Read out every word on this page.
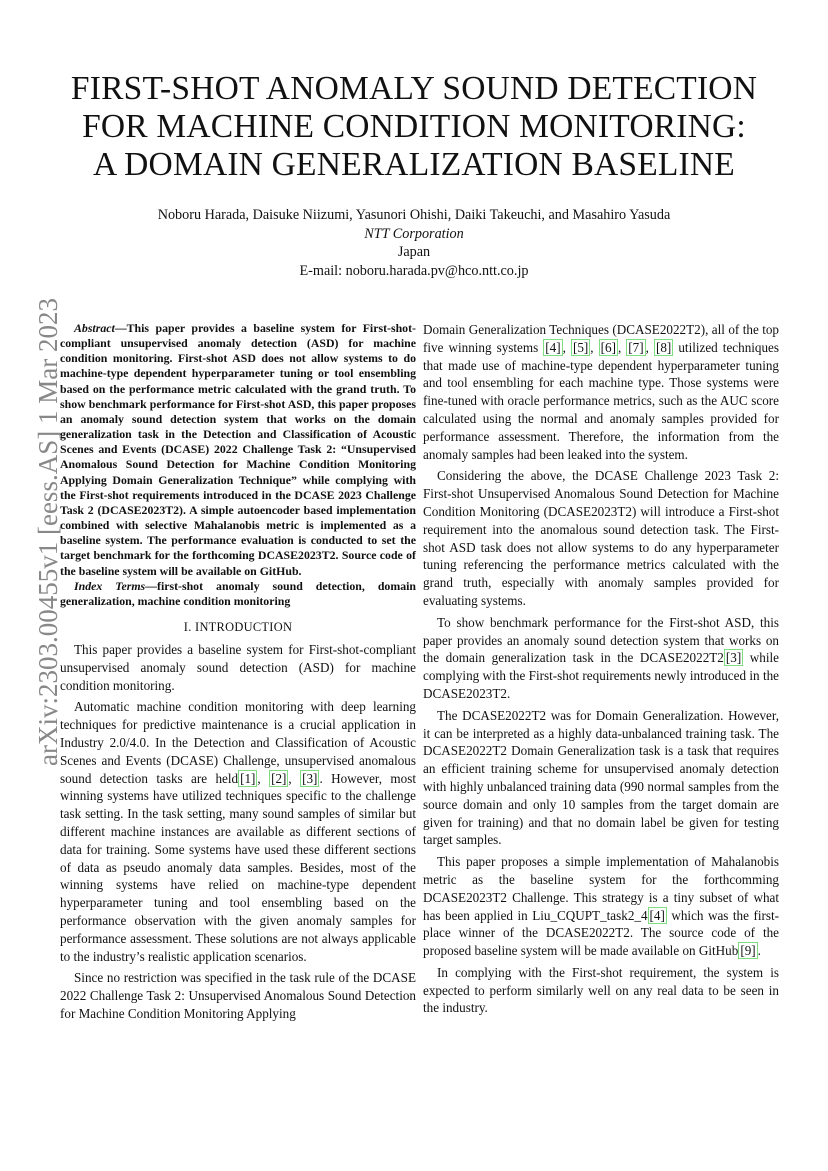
arXiv:2303.00455v1 [eess.AS] 1 Mar 2023
FIRST-SHOT ANOMALY SOUND DETECTION
FOR MACHINE CONDITION MONITORING:
A DOMAIN GENERALIZATION BASELINE
Noboru Harada, Daisuke Niizumi, Yasunori Ohishi, Daiki Takeuchi, and Masahiro Yasuda
NTT Corporation
Japan
E-mail: noboru.harada.pv@hco.ntt.co.jp

Abstract—This paper provides a baseline system for First-shot-compliant unsupervised anomaly detection (ASD) for machine condition monitoring. First-shot ASD does not allow systems to do machine-type dependent hyperparameter tuning or tool ensembling based on the performance metric calculated with the grand truth. To show benchmark performance for First-shot ASD, this paper proposes an anomaly sound detection system that works on the domain generalization task in the Detection and Classification of Acoustic Scenes and Events (DCASE) 2022 Challenge Task 2: “Unsupervised Anomalous Sound Detection for Machine Condition Monitoring Applying Domain Generalization Technique” while complying with the First-shot requirements introduced in the DCASE 2023 Challenge Task 2 (DCASE2023T2). A simple autoencoder based implementation combined with selective Mahalanobis metric is implemented as a baseline system. The performance evaluation is conducted to set the target benchmark for the forthcoming DCASE2023T2. Source code of the baseline system will be available on GitHub.

Index Terms—first-shot anomaly sound detection, domain generalization, machine condition monitoring

I. INTRODUCTION

This paper provides a baseline system for First-shot-compliant unsupervised anomaly sound detection (ASD) for machine condition monitoring.

Automatic machine condition monitoring with deep learning techniques for predictive maintenance is a crucial application in Industry 2.0/4.0. In the Detection and Classification of Acoustic Scenes and Events (DCASE) Challenge, unsupervised anomalous sound detection tasks are held [1] , [2] , [3] . However, most winning systems have utilized techniques specific to the challenge task setting. In the task setting, many sound samples of similar but different machine instances are available as different sections of data for training. Some systems have used these different sections of data as pseudo anomaly data samples. Besides, most of the winning systems have relied on machine-type dependent hyperparameter tuning and tool ensembling based on the performance observation with the given anomaly samples for performance assessment. These solutions are not always applicable to the industry’s realistic application scenarios.

Since no restriction was specified in the task rule of the DCASE 2022 Challenge Task 2: Unsupervised Anomalous Sound Detection for Machine Condition Monitoring Applying

Domain Generalization Techniques (DCASE2022T2), all of the top five winning systems [4] , [5] , [6] , [7] , [8] utilized techniques that made use of machine-type dependent hyperparameter tuning and tool ensembling for each machine type. Those systems were fine-tuned with oracle performance metrics, such as the AUC score calculated using the normal and anomaly samples provided for performance assessment. Therefore, the information from the anomaly samples had been leaked into the system.

Considering the above, the DCASE Challenge 2023 Task 2: First-shot Unsupervised Anomalous Sound Detection for Machine Condition Monitoring (DCASE2023T2) will introduce a First-shot requirement into the anomalous sound detection task. The First-shot ASD task does not allow systems to do any hyperparameter tuning referencing the performance metrics calculated with the grand truth, especially with anomaly samples provided for evaluating systems.

To show benchmark performance for the First-shot ASD, this paper provides an anomaly sound detection system that works on the domain generalization task in the DCASE2022T2 [3] while complying with the First-shot requirements newly introduced in the DCASE2023T2.

The DCASE2022T2 was for Domain Generalization. However, it can be interpreted as a highly data-unbalanced training task. The DCASE2022T2 Domain Generalization task is a task that requires an efficient training scheme for unsupervised anomaly detection with highly unbalanced training data (990 normal samples from the source domain and only 10 samples from the target domain are given for training) and that no domain label be given for testing target samples.

This paper proposes a simple implementation of Mahalanobis metric as the baseline system for the forthcomming DCASE2023T2 Challenge. This strategy is a tiny subset of what has been applied in Liu_CQUPT_task2_4 [4] which was the first-place winner of the DCASE2022T2. The source code of the proposed baseline system will be made available on GitHub [9] .

In complying with the First-shot requirement, the system is expected to perform similarly well on any real data to be seen in the industry.
